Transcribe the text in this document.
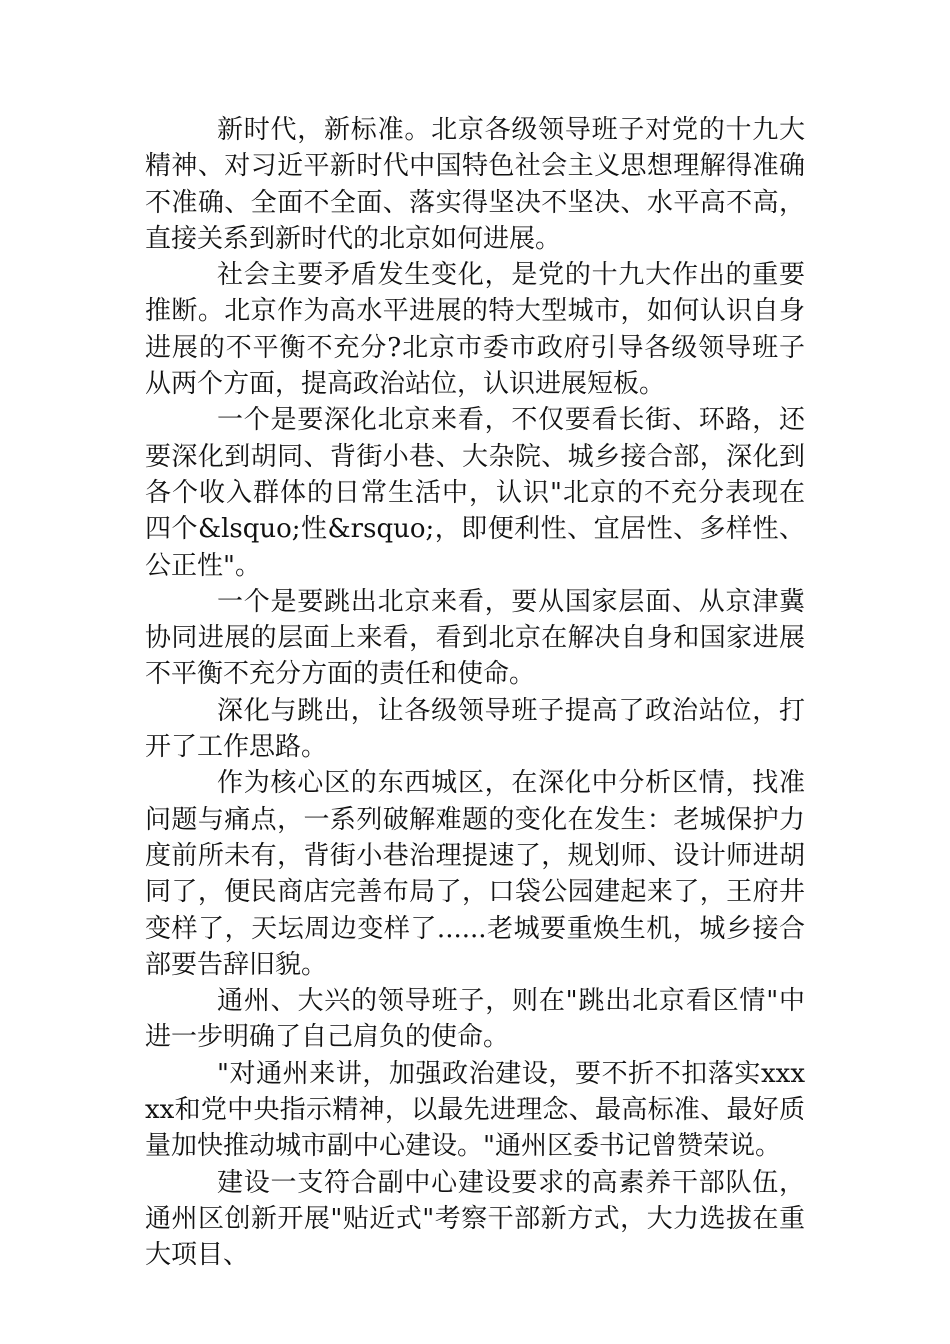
新时代，新标准。北京各级领导班子对党的十九大精神、对习近平新时代中国特色社会主义思想理解得准确不准确、全面不全面、落实得坚决不坚决、水平高不高，直接关系到新时代的北京如何进展。

社会主要矛盾发生变化，是党的十九大作出的重要推断。北京作为高水平进展的特大型城市，如何认识自身进展的不平衡不充分?北京市委市政府引导各级领导班子从两个方面，提高政治站位，认识进展短板。

一个是要深化北京来看，不仅要看长街、环路，还要深化到胡同、背街小巷、大杂院、城乡接合部，深化到各个收入群体的日常生活中，认识"北京的不充分表现在四个&lsquo;性&rsquo;，即便利性、宜居性、多样性、公正性"。

一个是要跳出北京来看，要从国家层面、从京津冀协同进展的层面上来看，看到北京在解决自身和国家进展不平衡不充分方面的责任和使命。

深化与跳出，让各级领导班子提高了政治站位，打开了工作思路。

作为核心区的东西城区，在深化中分析区情，找准问题与痛点，一系列破解难题的变化在发生：老城保护力度前所未有，背街小巷治理提速了，规划师、设计师进胡同了，便民商店完善布局了，口袋公园建起来了，王府井变样了，天坛周边变样了......老城要重焕生机，城乡接合部要告辞旧貌。

通州、大兴的领导班子，则在"跳出北京看区情"中进一步明确了自己肩负的使命。

"对通州来讲，加强政治建设，要不折不扣落实xxxxx和党中央指示精神，以最先进理念、最高标准、最好质量加快推动城市副中心建设。"通州区委书记曾赞荣说。

建设一支符合副中心建设要求的高素养干部队伍，通州区创新开展"贴近式"考察干部新方式，大力选拔在重大项目、
